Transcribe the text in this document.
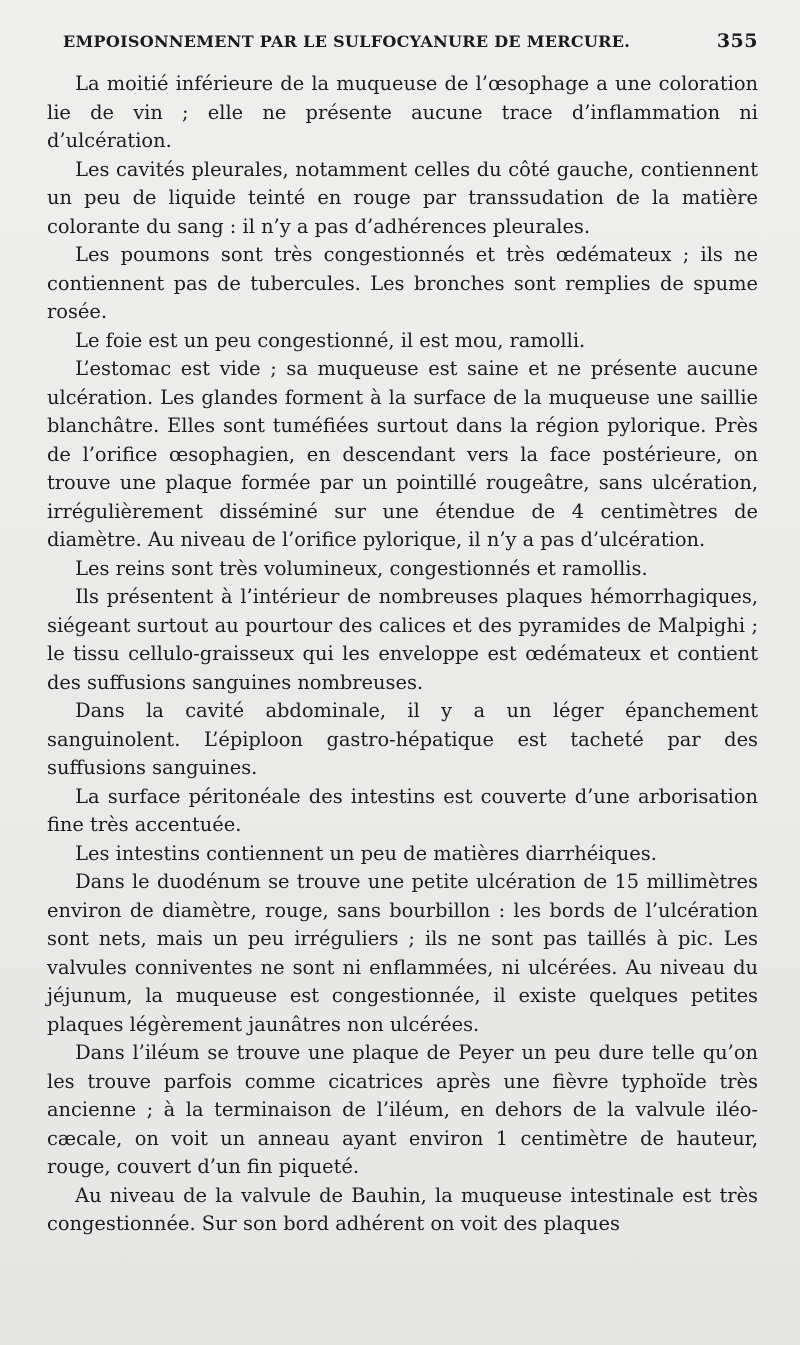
EMPOISONNEMENT PAR LE SULFOCYANURE DE MERCURE.	355

La moitié inférieure de la muqueuse de l’œsophage a une coloration lie de vin ; elle ne présente aucune trace d’inflammation ni d’ulcération.

Les cavités pleurales, notamment celles du côté gauche, contiennent un peu de liquide teinté en rouge par transsudation de la matière colorante du sang : il n’y a pas d’adhérences pleurales.

Les poumons sont très congestionnés et très œdémateux ; ils ne contiennent pas de tubercules. Les bronches sont remplies de spume rosée.

Le foie est un peu congestionné, il est mou, ramolli.

L’estomac est vide ; sa muqueuse est saine et ne présente aucune ulcération. Les glandes forment à la surface de la muqueuse une saillie blanchâtre. Elles sont tuméfiées surtout dans la région pylorique. Près de l’orifice œsophagien, en descendant vers la face postérieure, on trouve une plaque formée par un pointillé rougeâtre, sans ulcération, irrégulièrement disséminé sur une étendue de 4 centimètres de diamètre. Au niveau de l’orifice pylorique, il n’y a pas d’ulcération.

Les reins sont très volumineux, congestionnés et ramollis.

Ils présentent à l’intérieur de nombreuses plaques hémorrhagiques, siégeant surtout au pourtour des calices et des pyramides de Malpighi ; le tissu cellulo-graisseux qui les enveloppe est œdémateux et contient des suffusions sanguines nombreuses.

Dans la cavité abdominale, il y a un léger épanchement sanguinolent. L’épiploon gastro-hépatique est tacheté par des suffusions sanguines.

La surface péritonéale des intestins est couverte d’une arborisation fine très accentuée.

Les intestins contiennent un peu de matières diarrhéiques.

Dans le duodénum se trouve une petite ulcération de 15 millimètres environ de diamètre, rouge, sans bourbillon : les bords de l’ulcération sont nets, mais un peu irréguliers ; ils ne sont pas taillés à pic. Les valvules conniventes ne sont ni enflammées, ni ulcérées. Au niveau du jéjunum, la muqueuse est congestionnée, il existe quelques petites plaques légèrement jaunâtres non ulcérées.

Dans l’iléum se trouve une plaque de Peyer un peu dure telle qu’on les trouve parfois comme cicatrices après une fièvre typhoïde très ancienne ; à la terminaison de l’iléum, en dehors de la valvule iléo-cæcale, on voit un anneau ayant environ 1 centimètre de hauteur, rouge, couvert d’un fin piqueté.

Au niveau de la valvule de Bauhin, la muqueuse intestinale est très congestionnée. Sur son bord adhérent on voit des plaques
